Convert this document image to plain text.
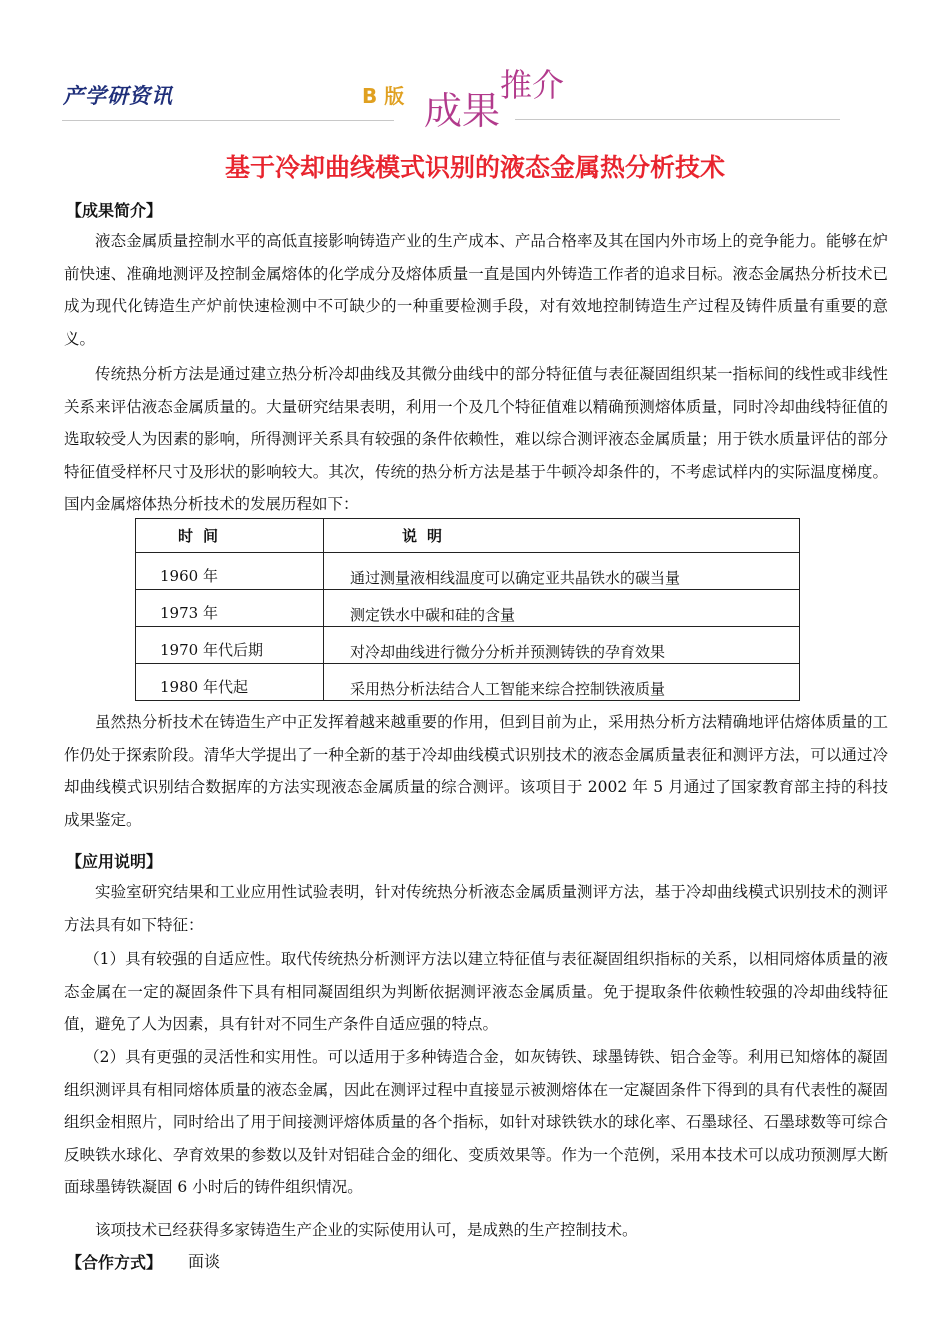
产学研资讯	B 版 成果
推介
基于冷却曲线模式识别的液态金属热分析技术
【成果简介】
液态金属质量控制水平的高低直接影响铸造产业的生产成本、产品合格率及其在国内外市场上的竞争能力。能够在炉前快速、准确地测评及控制金属熔体的化学成分及熔体质量一直是国内外铸造工作者的追求目标。液态金属热分析技术已成为现代化铸造生产炉前快速检测中不可缺少的一种重要检测手段，对有效地控制铸造生产过程及铸件质量有重要的意义。
传统热分析方法是通过建立热分析冷却曲线及其微分曲线中的部分特征值与表征凝固组织某一指标间的线性或非线性关系来评估液态金属质量的。大量研究结果表明，利用一个及几个特征值难以精确预测熔体质量，同时冷却曲线特征值的选取较受人为因素的影响，所得测评关系具有较强的条件依赖性，难以综合测评液态金属质量；用于铁水质量评估的部分特征值受样杯尺寸及形状的影响较大。其次，传统的热分析方法是基于牛顿冷却条件的，不考虑试样内的实际温度梯度。国内金属熔体热分析技术的发展历程如下：
时间	说明
1960 年	通过测量液相线温度可以确定亚共晶铁水的碳当量
1973 年	测定铁水中碳和硅的含量
1970 年代后期	对冷却曲线进行微分分析并预测铸铁的孕育效果
1980 年代起	采用热分析法结合人工智能来综合控制铁液质量
虽然热分析技术在铸造生产中正发挥着越来越重要的作用，但到目前为止，采用热分析方法精确地评估熔体质量的工作仍处于探索阶段。清华大学提出了一种全新的基于冷却曲线模式识别技术的液态金属质量表征和测评方法，可以通过冷却曲线模式识别结合数据库的方法实现液态金属质量的综合测评。该项目于 2002 年 5 月通过了国家教育部主持的科技成果鉴定。
【应用说明】
实验室研究结果和工业应用性试验表明，针对传统热分析液态金属质量测评方法，基于冷却曲线模式识别技术的测评方法具有如下特征：
（1）具有较强的自适应性。取代传统热分析测评方法以建立特征值与表征凝固组织指标的关系，以相同熔体质量的液态金属在一定的凝固条件下具有相同凝固组织为判断依据测评液态金属质量。免于提取条件依赖性较强的冷却曲线特征值，避免了人为因素，具有针对不同生产条件自适应强的特点。
（2）具有更强的灵活性和实用性。可以适用于多种铸造合金，如灰铸铁、球墨铸铁、铝合金等。利用已知熔体的凝固组织测评具有相同熔体质量的液态金属，因此在测评过程中直接显示被测熔体在一定凝固条件下得到的具有代表性的凝固组织金相照片，同时给出了用于间接测评熔体质量的各个指标，如针对球铁铁水的球化率、石墨球径、石墨球数等可综合反映铁水球化、孕育效果的参数以及针对铝硅合金的细化、变质效果等。作为一个范例，采用本技术可以成功预测厚大断面球墨铸铁凝固 6 小时后的铸件组织情况。
该项技术已经获得多家铸造生产企业的实际使用认可，是成熟的生产控制技术。
【合作方式】 面谈
